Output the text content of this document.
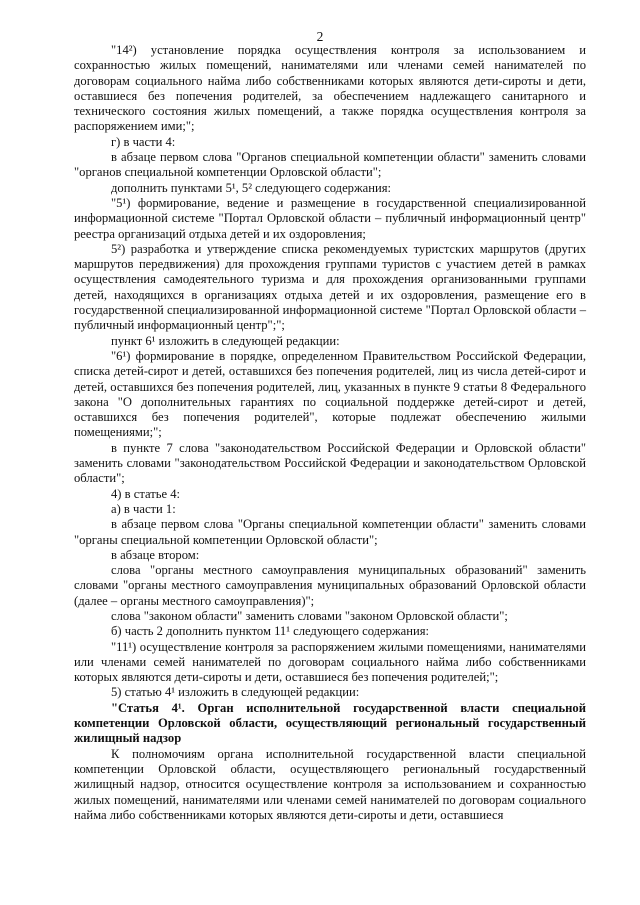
2

"14²) установление порядка осуществления контроля за использованием и сохранностью жилых помещений, нанимателями или членами семей нанимателей по договорам социального найма либо собственниками которых являются дети-сироты и дети, оставшиеся без попечения родителей, за обеспечением надлежащего санитарного и технического состояния жилых помещений, а также порядка осуществления контроля за распоряжением ими;";

г) в части 4:

в абзаце первом слова "Органов специальной компетенции области" заменить словами "органов специальной компетенции Орловской области";

дополнить пунктами 5¹, 5² следующего содержания:

"5¹) формирование, ведение и размещение в государственной специализированной информационной системе "Портал Орловской области – публичный информационный центр" реестра организаций отдыха детей и их оздоровления;

5²) разработка и утверждение списка рекомендуемых туристских маршрутов (других маршрутов передвижения) для прохождения группами туристов с участием детей в рамках осуществления самодеятельного туризма и для прохождения организованными группами детей, находящихся в организациях отдыха детей и их оздоровления, размещение его в государственной специализированной информационной системе "Портал Орловской области – публичный информационный центр";";

пункт 6¹ изложить в следующей редакции:

"6¹) формирование в порядке, определенном Правительством Российской Федерации, списка детей-сирот и детей, оставшихся без попечения родителей, лиц из числа детей-сирот и детей, оставшихся без попечения родителей, лиц, указанных в пункте 9 статьи 8 Федерального закона "О дополнительных гарантиях по социальной поддержке детей-сирот и детей, оставшихся без попечения родителей", которые подлежат обеспечению жилыми помещениями;";

в пункте 7 слова "законодательством Российской Федерации и Орловской области" заменить словами "законодательством Российской Федерации и законодательством Орловской области";

4) в статье 4:

а) в части 1:

в абзаце первом слова "Органы специальной компетенции области" заменить словами "органы специальной компетенции Орловской области";

в абзаце втором:

слова "органы местного самоуправления муниципальных образований" заменить словами "органы местного самоуправления муниципальных образований Орловской области (далее – органы местного самоуправления)";

слова "законом области" заменить словами "законом Орловской области";

б) часть 2 дополнить пунктом 11¹ следующего содержания:

"11¹) осуществление контроля за распоряжением жилыми помещениями, нанимателями или членами семей нанимателей по договорам социального найма либо собственниками которых являются дети-сироты и дети, оставшиеся без попечения родителей;";

5) статью 4¹ изложить в следующей редакции:

"Статья 4¹. Орган исполнительной государственной власти специальной компетенции Орловской области, осуществляющий региональный государственный жилищный надзор

К полномочиям органа исполнительной государственной власти специальной компетенции Орловской области, осуществляющего региональный государственный жилищный надзор, относится осуществление контроля за использованием и сохранностью жилых помещений, нанимателями или членами семей нанимателей по договорам социального найма либо собственниками которых являются дети-сироты и дети, оставшиеся
